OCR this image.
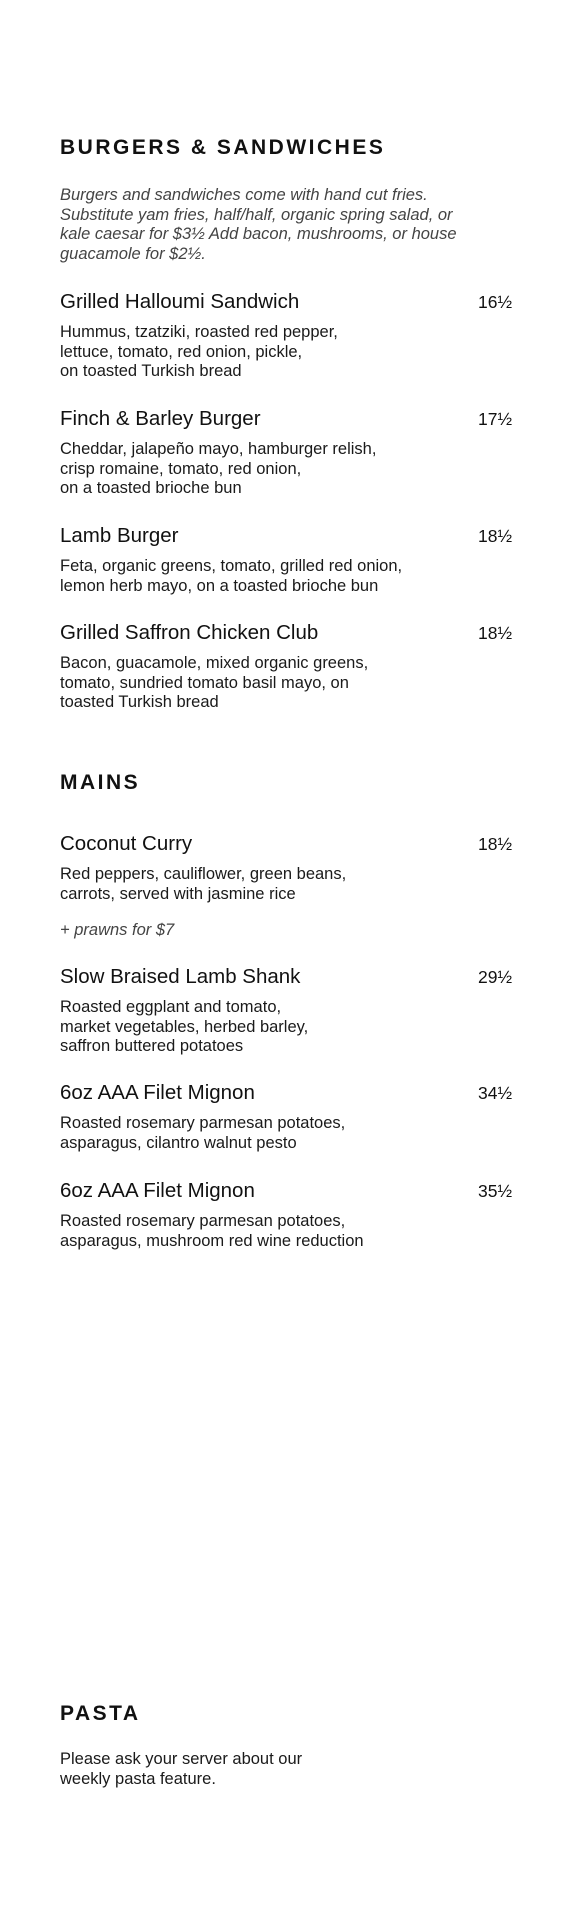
BURGERS & SANDWICHES

Burgers and sandwiches come with hand cut fries. Substitute yam fries, half/half, organic spring salad, or kale caesar for $3½ Add bacon, mushrooms, or house guacamole for $2½.

Grilled Halloumi Sandwich	16½

Hummus, tzatziki, roasted red pepper,
lettuce, tomato, red onion, pickle,
on toasted Turkish bread

Finch & Barley Burger	17½

Cheddar, jalapeño mayo, hamburger relish,
crisp romaine, tomato, red onion,
on a toasted brioche bun

Lamb Burger	18½

Feta, organic greens, tomato, grilled red onion,
lemon herb mayo, on a toasted brioche bun

Grilled Saffron Chicken Club	18½

Bacon, guacamole, mixed organic greens,
tomato, sundried tomato basil mayo, on
toasted Turkish bread

MAINS
Coconut Curry	18½

Red peppers, cauliflower, green beans,
carrots, served with jasmine rice

+ prawns for $7

Slow Braised Lamb Shank	29½

Roasted eggplant and tomato,
market vegetables, herbed barley,
saffron buttered potatoes

6oz AAA Filet Mignon	34½

Roasted rosemary parmesan potatoes,
asparagus, cilantro walnut pesto

6oz AAA Filet Mignon	35½

Roasted rosemary parmesan potatoes,
asparagus, mushroom red wine reduction

PASTA

Please ask your server about our
weekly pasta feature.
